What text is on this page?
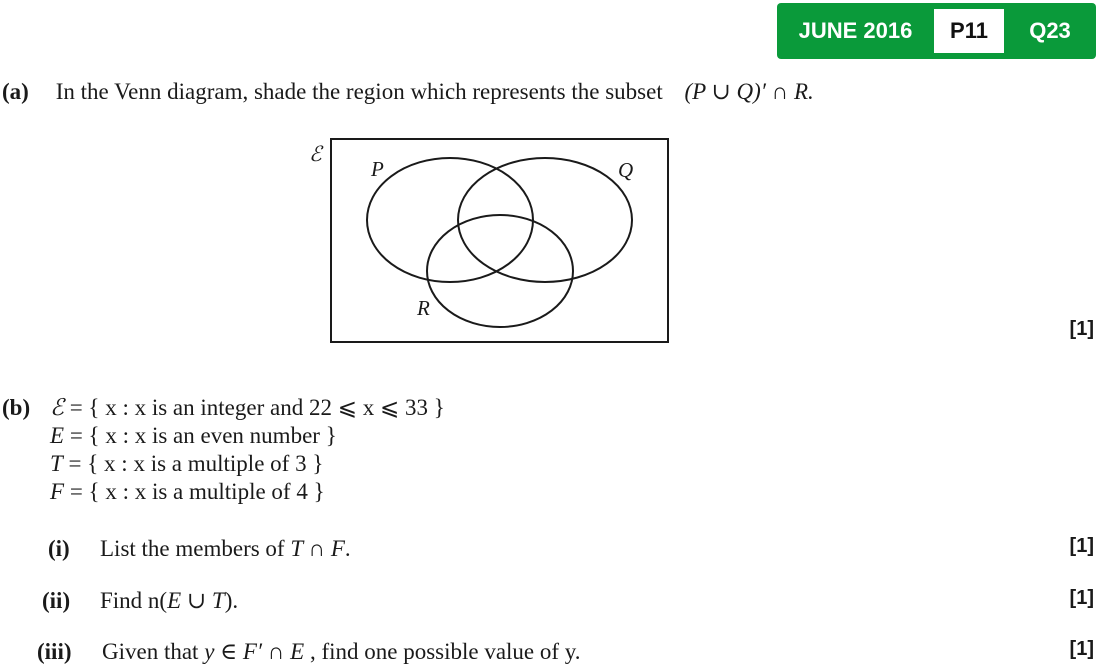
JUNE 2016	P11	Q23
(a) In the Venn diagram, shade the region which represents the subset (P ∪ Q)′ ∩ R.
ℰ
P	Q
R
[1]
(b) ℰ = { x : x is an integer and 22 ⩽ x ⩽ 33 }
E = { x : x is an even number }
T = { x : x is a multiple of 3 }
F = { x : x is a multiple of 4 }
(i) List the members of T ∩ F.	[1]
(ii) Find n(E ∪ T).	[1]
(iii) Given that y ∈ F′ ∩ E , find one possible value of y.	[1]
